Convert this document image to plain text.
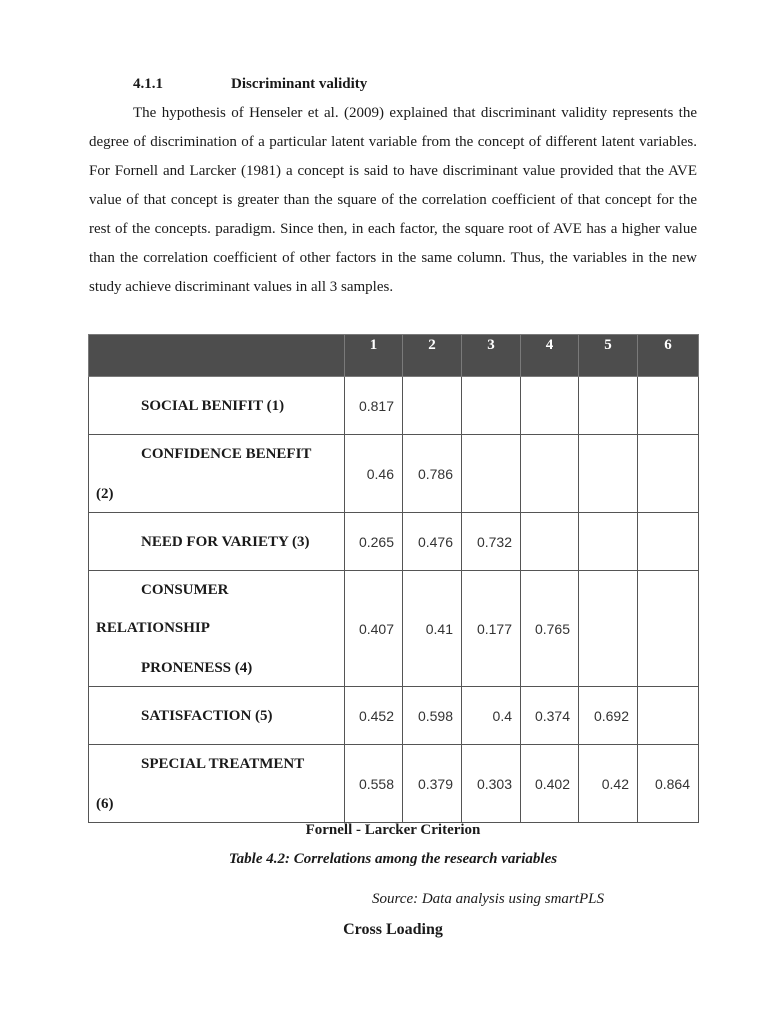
4.1.1	Discriminant validity

The hypothesis of Henseler et al. (2009) explained that discriminant validity represents the degree of discrimination of a particular latent variable from the concept of different latent variables. For Fornell and Larcker (1981) a concept is said to have discriminant value provided that the AVE value of that concept is greater than the square of the correlation coefficient of that concept for the rest of the concepts. paradigm. Since then, in each factor, the square root of AVE has a higher value than the correlation coefficient of other factors in the same column. Thus, the variables in the new study achieve discriminant values in all 3 samples.

	1	2	3	4	5	6

SOCIAL BENIFIT (1)	0.817					

CONFIDENCE BENEFIT
(2)	0.46	0.786				

NEED FOR VARIETY (3)	0.265	0.476	0.732			

CONSUMER
RELATIONSHIP
PRONENESS (4)	0.407	0.41	0.177	0.765		

SATISFACTION (5)	0.452	0.598	0.4	0.374	0.692	

SPECIAL TREATMENT
(6)	0.558	0.379	0.303	0.402	0.42	0.864
Fornell - Larcker Criterion
Table 4.2: Correlations among the research variables
Source: Data analysis using smartPLS
Cross Loading
